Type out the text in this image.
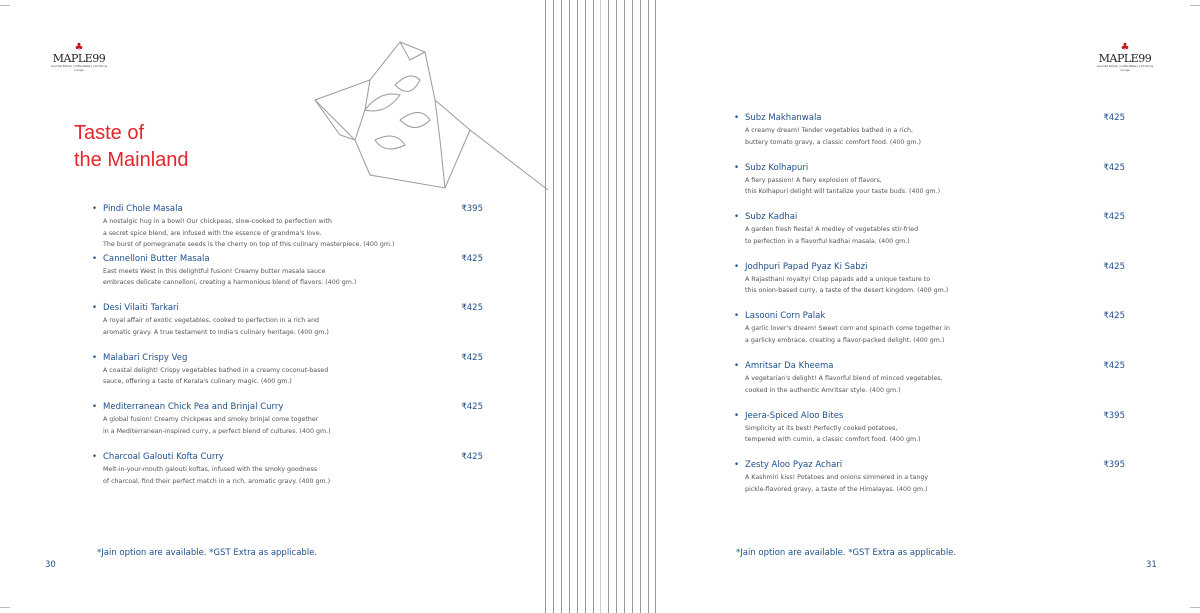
♣
MAPLE99
Gourmet Kitchen | Coffee Bakery | Art Dining Lounge
Taste of
the Mainland
• Pindi Chole Masala	₹395
A nostalgic hug in a bowl! Our chickpeas, slow-cooked to perfection with
a secret spice blend, are infused with the essence of grandma's love.
The burst of pomegranate seeds is the cherry on top of this culinary masterpiece. (400 gm.)
• Cannelloni Butter Masala	₹425
East meets West in this delightful fusion! Creamy butter masala sauce
embraces delicate cannelloni, creating a harmonious blend of flavors. (400 gm.)
• Desi Vilaiti Tarkari	₹425
A royal affair of exotic vegetables, cooked to perfection in a rich and
aromatic gravy. A true testament to India's culinary heritage. (400 gm.)
• Malabari Crispy Veg	₹425
A coastal delight! Crispy vegetables bathed in a creamy coconut-based
sauce, offering a taste of Kerala's culinary magic. (400 gm.)
• Mediterranean Chick Pea and Brinjal Curry	₹425
A global fusion! Creamy chickpeas and smoky brinjal come together
in a Mediterranean-inspired curry, a perfect blend of cultures. (400 gm.)
• Charcoal Galouti Kofta Curry	₹425
Melt-in-your-mouth galouti koftas, infused with the smoky goodness
of charcoal, find their perfect match in a rich, aromatic gravy. (400 gm.)
*Jain option are available. *GST Extra as applicable.
30
♣
MAPLE99
Gourmet Kitchen | Coffee Bakery | Art Dining Lounge
• Subz Makhanwala	₹425
A creamy dream! Tender vegetables bathed in a rich,
buttery tomato gravy, a classic comfort food. (400 gm.)
• Subz Kolhapuri	₹425
A fiery passion! A fiery explosion of flavors,
this Kolhapuri delight will tantalize your taste buds. (400 gm.)
• Subz Kadhai	₹425
A garden fresh fiesta! A medley of vegetables stir-fried
to perfection in a flavorful kadhai masala. (400 gm.)
• Jodhpuri Papad Pyaz Ki Sabzi	₹425
A Rajasthani royalty! Crisp papads add a unique texture to
this onion-based curry, a taste of the desert kingdom. (400 gm.)
• Lasooni Corn Palak	₹425
A garlic lover's dream! Sweet corn and spinach come together in
a garlicky embrace, creating a flavor-packed delight. (400 gm.)
• Amritsar Da Kheema	₹425
A vegetarian's delight! A flavorful blend of minced vegetables,
cooked in the authentic Amritsar style. (400 gm.)
• Jeera-Spiced Aloo Bites	₹395
Simplicity at its best! Perfectly cooked potatoes,
tempered with cumin, a classic comfort food. (400 gm.)
• Zesty Aloo Pyaz Achari	₹395
A Kashmiri kiss! Potatoes and onions simmered in a tangy
pickle-flavored gravy, a taste of the Himalayas. (400 gm.)
*Jain option are available. *GST Extra as applicable.
31
